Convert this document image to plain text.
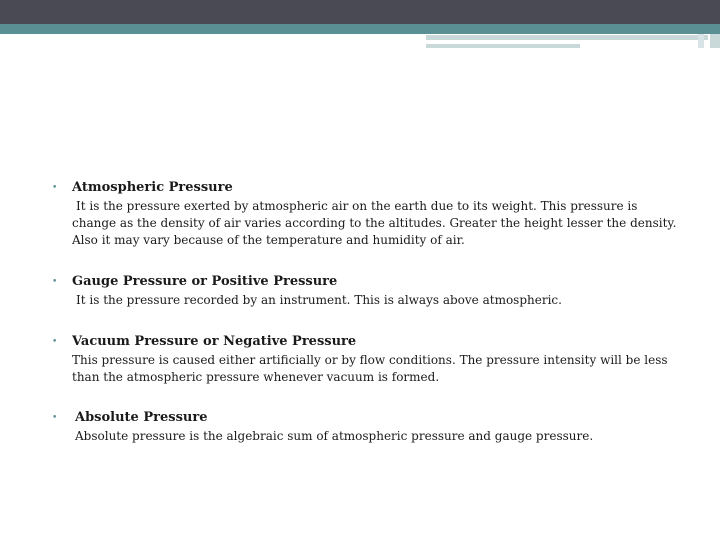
• Atmospheric Pressure
It is the pressure exerted by atmospheric air on the earth due to its weight. This pressure is change as the density of air varies according to the altitudes. Greater the height lesser the density. Also it may vary because of the temperature and humidity of air.
• Gauge Pressure or Positive Pressure
It is the pressure recorded by an instrument. This is always above atmospheric.
• Vacuum Pressure or Negative Pressure
This pressure is caused either artificially or by flow conditions. The pressure intensity will be less than the atmospheric pressure whenever vacuum is formed.
• Absolute Pressure
Absolute pressure is the algebraic sum of atmospheric pressure and gauge pressure.
